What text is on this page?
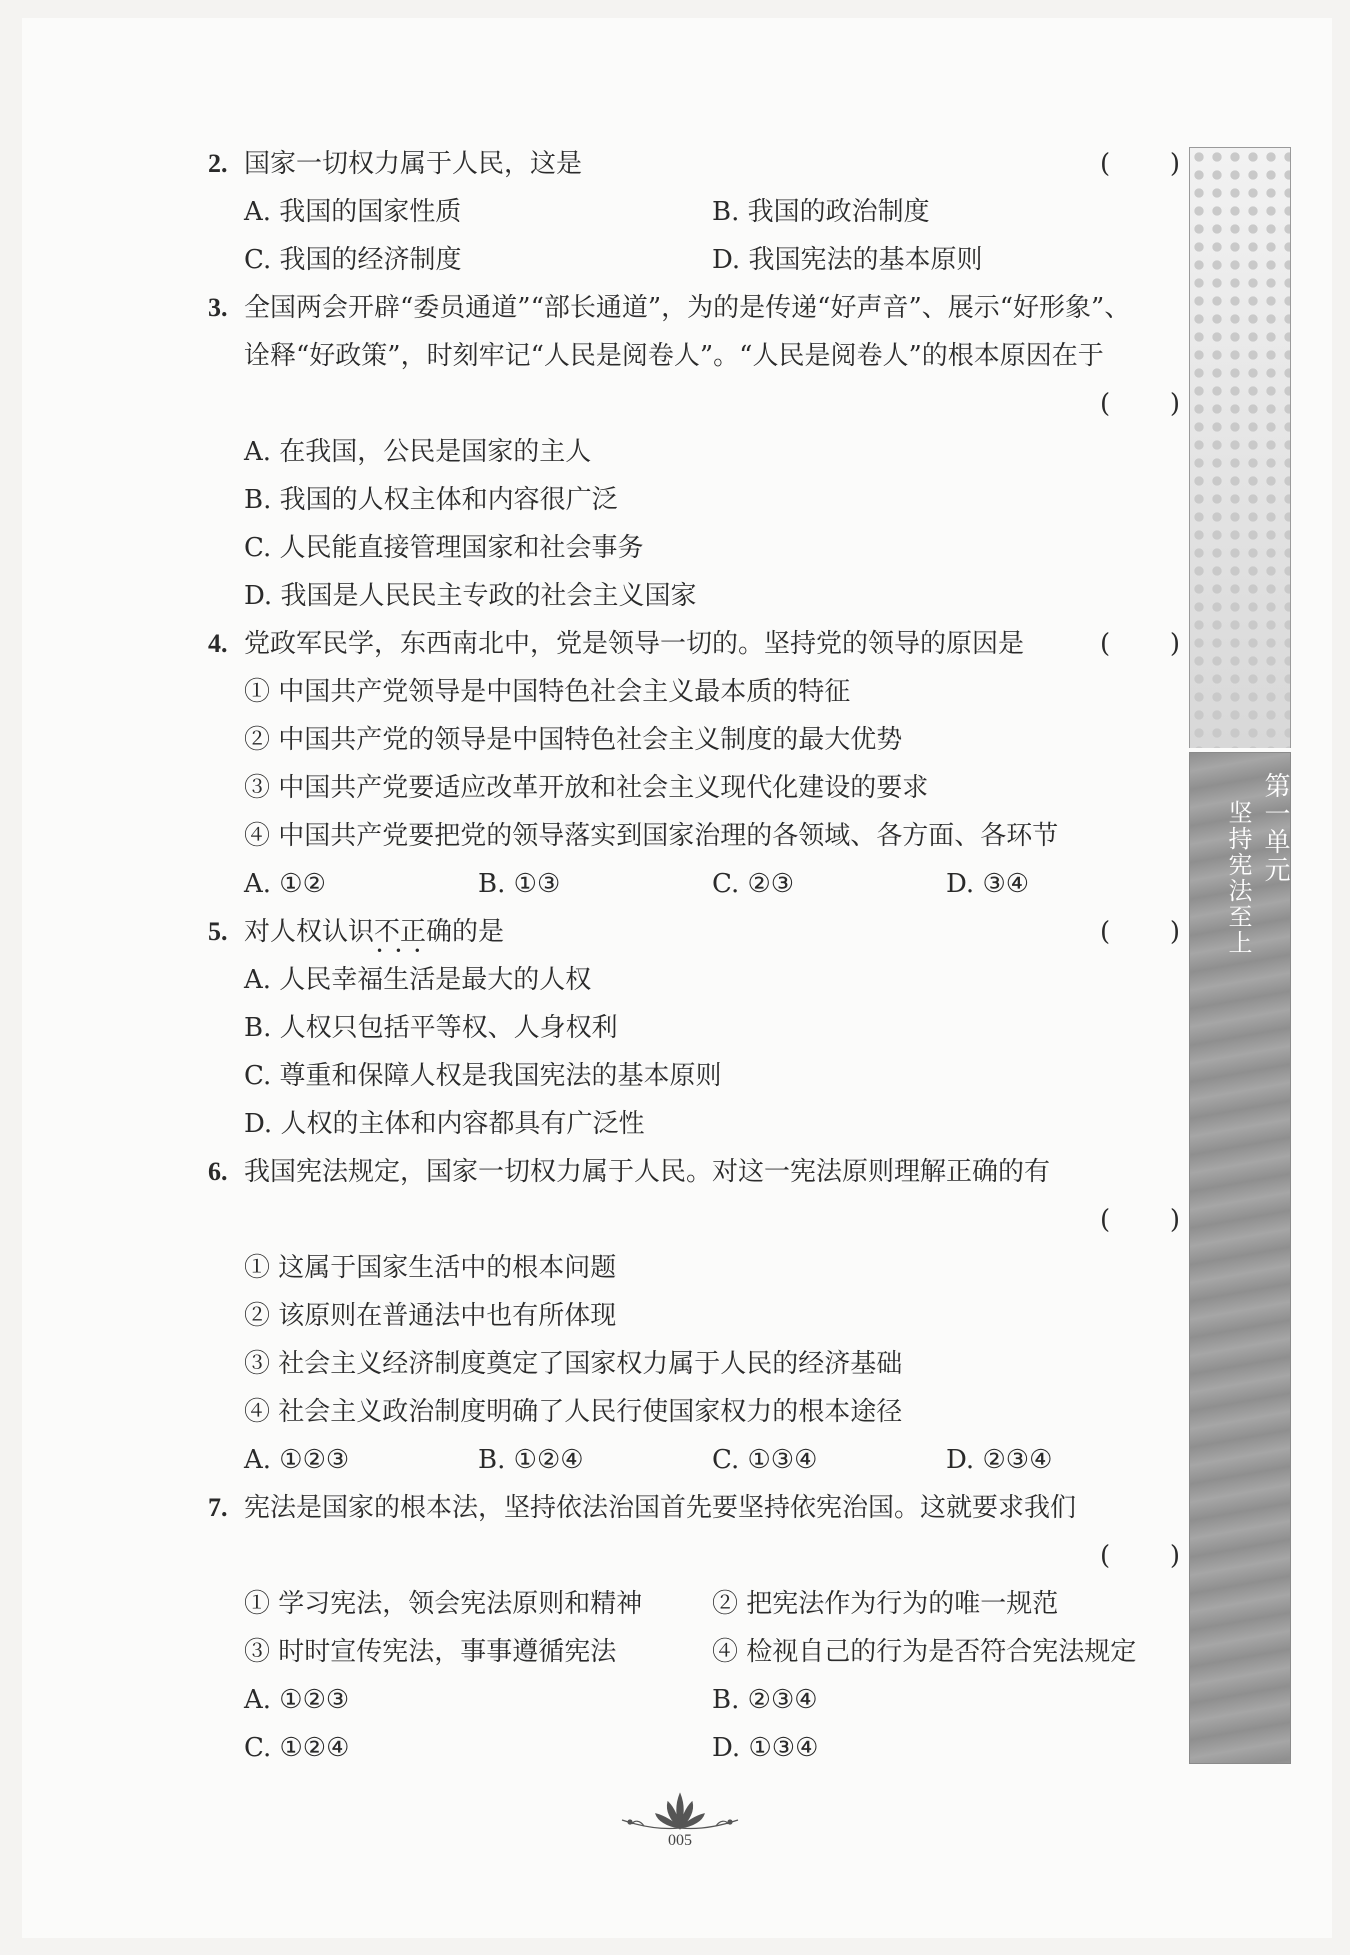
第一单元
坚持宪法至上
2. 国家一切权力属于人民，这是	( )
A. 我国的国家性质	B. 我国的政治制度
C. 我国的经济制度	D. 我国宪法的基本原则
3. 全国两会开辟“委员通道”“部长通道”，为的是传递“好声音”、展示“好形象”、
诠释“好政策”，时刻牢记“人民是阅卷人”。“人民是阅卷人”的根本原因在于
( )
A. 在我国，公民是国家的主人
B. 我国的人权主体和内容很广泛
C. 人民能直接管理国家和社会事务
D. 我国是人民民主专政的社会主义国家
4. 党政军民学，东西南北中，党是领导一切的。坚持党的领导的原因是	( )
① 中国共产党领导是中国特色社会主义最本质的特征
② 中国共产党的领导是中国特色社会主义制度的最大优势
③ 中国共产党要适应改革开放和社会主义现代化建设的要求
④ 中国共产党要把党的领导落实到国家治理的各领域、各方面、各环节
A. ①②	B. ①③	C. ②③	D. ③④
5. 对人权认识不正确 • • •的是	( )
A. 人民幸福生活是最大的人权
B. 人权只包括平等权、人身权利
C. 尊重和保障人权是我国宪法的基本原则
D. 人权的主体和内容都具有广泛性
6. 我国宪法规定，国家一切权力属于人民。对这一宪法原则理解正确的有
( )
① 这属于国家生活中的根本问题
② 该原则在普通法中也有所体现
③ 社会主义经济制度奠定了国家权力属于人民的经济基础
④ 社会主义政治制度明确了人民行使国家权力的根本途径
A. ①②③	B. ①②④	C. ①③④	D. ②③④
7. 宪法是国家的根本法，坚持依法治国首先要坚持依宪治国。这就要求我们
( )
① 学习宪法，领会宪法原则和精神	② 把宪法作为行为的唯一规范
③ 时时宣传宪法，事事遵循宪法	④ 检视自己的行为是否符合宪法规定
A. ①②③	B. ②③④
C. ①②④	D. ①③④
005
